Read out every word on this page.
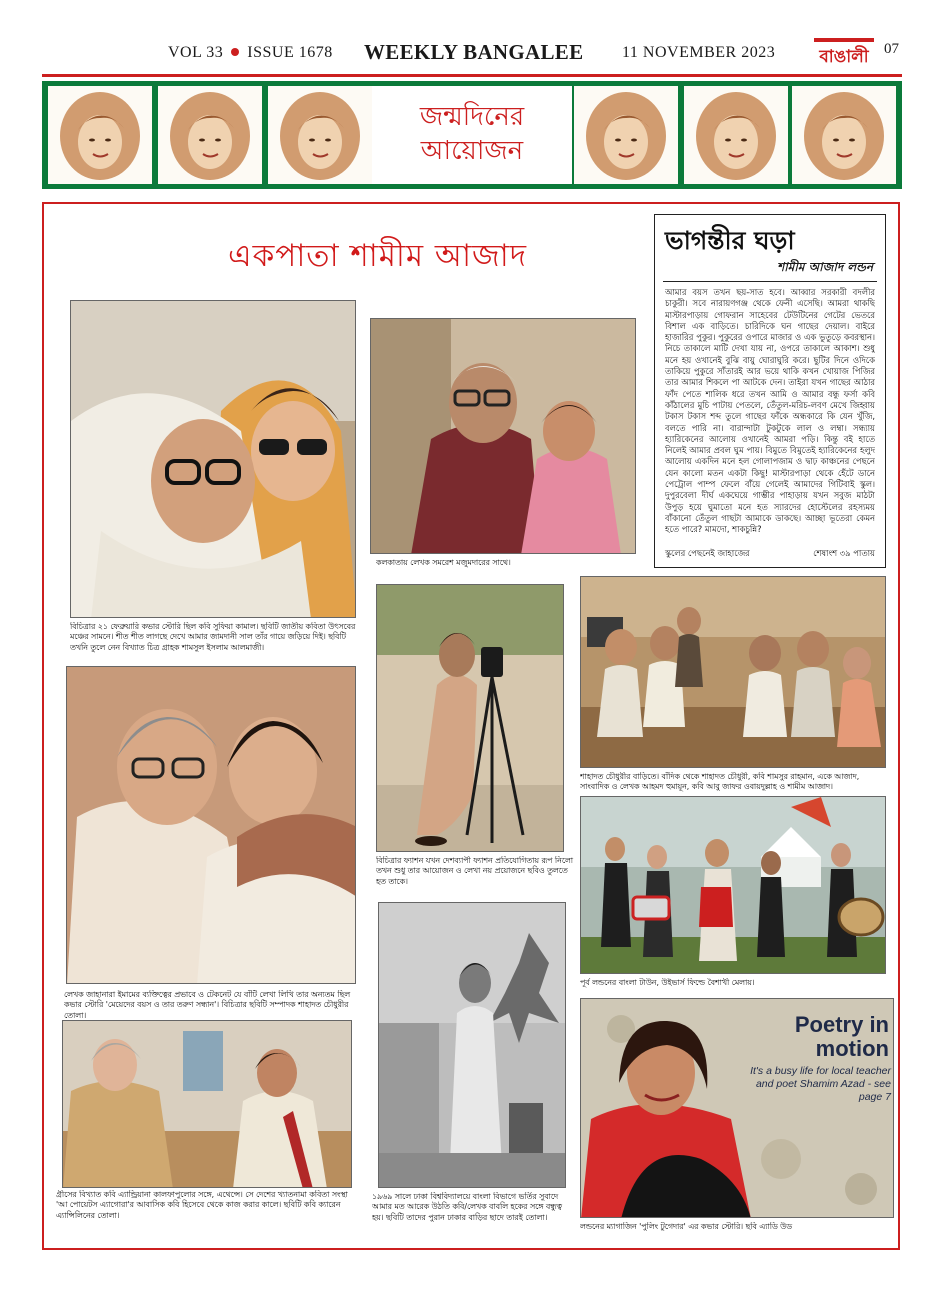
VOL 33 ISSUE 1678 WEEKLY BANGALEE 11 NOVEMBER 2023	বাঙালী 07
জন্মদিনের
আয়োজন
একপাতা শামীম আজাদ	ভাগন্তীর ঘড়া
শামীম আজাদ লন্ডন
আমার বয়স তখন ছয়-সাত হবে। আব্বার সরকারী বদলীর চাকুরী। সবে নারায়ণগঞ্জ থেকে ফেনী এসেছি। আমরা থাকছি মাস্টারপাড়ায় গোফরান সাহেবের টেউটিনের গেটের ভেতরে বিশাল এক বাড়িতে। চারিদিকে ঘন গাছের দেয়াল। বাইরে হাজারির পুকুর। পুকুরের ওপারে মাজার ও এক ভুতুড়ে কবরস্থান। নিচে তাকালে মাটি দেখা যায় না, ওপরে তাকালে আকাশ। শুধু মনে হয় ওখানেই বুঝি বায়ু ঘোরাঘুরি করে। ছুটির দিনে ওদিকে তাকিয়ে পুকুরে সাঁতারই আর ভয়ে থাকি কখন খোয়াজ পিজির তার আমার শিকলে পা আটকে দেন। তাইরা যখন গাছের আঠার ফাঁদ পেতে শালিক ধরে তখন আমি ও আমার বন্ধু ফর্সা কবি কাঁঠালের মুচি পাটায় পেতলে, তেঁতুল-মরিচ-লবণ মেখে জিহ্বায় টকাস টকাস শব্দ তুলে গাছের ফাঁকে অন্ধকারে কি যেন খুঁজি, বলতে পারি না। বারান্দাটা টুকটুকে লাল ও লম্বা। সন্ধ্যায় হ্যারিকেনের আলোয় ওখানেই আমরা পড়ি। কিন্তু বই হাতে নিলেই আমার প্রবল ঘুম পায়। বিমুতে বিমুতেই হ্যারিকেনের হলুদ আলোয় একদিন মনে হল গোলাপজাম ও দ্বাঢ় কাঞ্চনের পেছনে যেন কালো মতন একটা কিছু! মাস্টারপাড়া থেকে হেঁটে ডানে পেট্রোল পাম্প ফেলে বাঁয়ে গেলেই আমাদের গিটিবাই স্কুল। দুপুরবেলা দীর্ঘ একঘেয়ে গাম্ভীর পাহাড়ায় যখন সবুজ মাঠটা উপুড় হয়ে ঘুমাতো মনে হত স্যারদের হোস্টেলের রহস্যময় বাঁকানো তেঁতুল গাছটা আমাকে ডাকছে। আচ্ছা ভূতেরা কেমন হতে পারে? মামদো, শাকচুন্নি?
স্কুলের পেছনেই জাহাজের	শেষাংশ ৩৯ পাতায়
বিচিত্রার ২১ ফেব্রুয়ারি কভার স্টোরি ছিল কবি সুফিয়া কামাল। ছবিটি জাতীয় কবিতা উৎসবের মঞ্চের সামনে। শীত শীত লাগছে দেখে আমার জামদানী সাল তাঁর গায়ে জড়িয়ে দিই। ছবিটি তখনি তুলে নেন বিখ্যাত চিত্র গ্রাহক শামসুল ইসলাম আলমাজী।
কলকাতায় লেখক সমরেশ মজুমদারের সাথে।
লেখক জাহানারা ইমামের ব্যক্তিত্বের প্রভাবে ও টেকনেট যে বাঁটি লেখা লিখি তার অন্যতম ছিল কভার স্টোরি 'মেয়েদের বয়স ও তার তরুণ সন্ধান'। বিচিত্রার ছবিটি সম্পাদক শাহাদত চৌধুরীর তোলা।
বিচিত্রার ফ্যাশন যখন দেশব্যাপী ফ্যাশন প্রতিযোগিতায় রূপ নিলো তখন শুধু তার আয়োজন ও লেখা নয় প্রয়োজনে ছবিও তুলতে হত তাকে।
শাহাদত চৌধুরীর বাড়িতে। বাঁদিক থেকে শাহাদত চৌধুরী, কবি শামসুর রাহমান, একে আজাদ, সাংবাদিক ও লেখক আহমদ হুমায়ূন, কবি আবু জাফর ওবায়দুল্লাহ ও শামীম আজাদ।
পূর্ব লন্ডনের বাংলা টাউন, উইভার্স ফিল্ডে বৈশাখী মেলায়।
গ্রীসের বিখ্যাত কবি এ্যান্ড্রিয়ানা কালফাপুলোর সঙ্গে, এথেন্সে। সে দেশের খ্যাতনামা কবিতা সংস্থা 'আ পোয়েটস এ্যাগোরা'র আবাসিক কবি হিসেবে থেকে কাজ করার কালে। ছবিটি কবি ক্যারেন এ্যান্সিলিনের তোলা।
১৯৬৯ সালে ঢাকা বিশ্ববিদ্যালয়ে বাংলা বিভাগে ভর্তির সুবাদে আমার মত আরেক উঠতি কবি/লেখক বাবলি হকের সঙ্গে বন্ধুত্ব হয়। ছবিটি তাদের পুরান ঢাকার বাড়ির ছাদে তারই তোলা।
Poetry in motion
It's a busy life for local teacher and poet Shamim Azad - see page 7
লন্ডনের ম্যাগাজিন 'পুলিং টুগেদার' এর কভার স্টোরি। ছবি এ্যাডি উড
